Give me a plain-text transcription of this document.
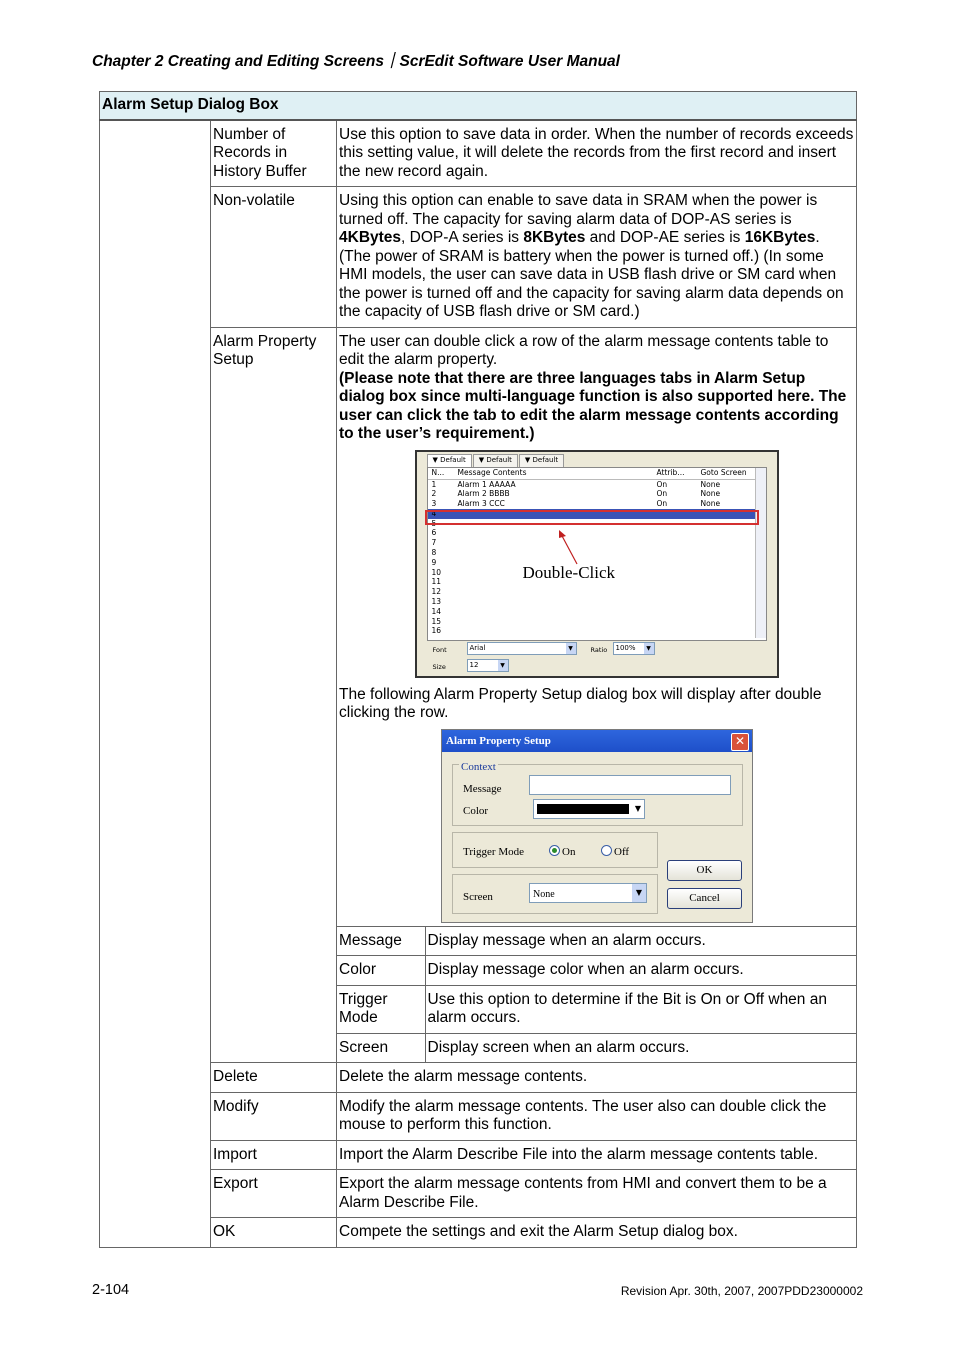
Chapter 2 Creating and Editing Screens｜ScrEdit Software User Manual
Alarm Setup Dialog Box
	Number of Records in History Buffer	Use this option to save data in order. When the number of records exceeds this setting value, it will delete the records from the first record and insert the new record again.
Non-volatile	Using this option can enable to save data in SRAM when the power is turned off. The capacity for saving alarm data of DOP-AS series is 4KBytes, DOP-A series is 8KBytes and DOP-AE series is 16KBytes. (The power of SRAM is battery when the power is turned off.) (In some HMI models, the user can save data in USB flash drive or SM card when the power is turned off and the capacity for saving alarm data depends on the capacity of USB flash drive or SM card.)
Alarm Property Setup	

The user can double click a row of the alarm message contents table to edit the alarm property.

(Please note that there are three languages tabs in Alarm Setup dialog box since multi-language function is also supported here. The user can click the tab to edit the alarm message contents according to the user’s requirement.)

▼ Default	▼ Default	▼ Default
N...	Message Contents	Attrib...	Goto Screen
1	Alarm 1 AAAAA	On	None
2	Alarm 2 BBBB	On	None
3	Alarm 3 CCC	On	None
4
5
6
7
8
9
10
11
12
13
14
15
16
Double-Click
Font	Arial	▼	Ratio	100%	▼
Size	12	▼

The following Alarm Property Setup dialog box will display after double clicking the row.

Alarm Property Setup	✕
Context
Message
Color	▼
Trigger Mode	On	Off
Screen	None	▼
OK
Cancel
Message	Display message when an alarm occurs.
Color	Display message color when an alarm occurs.
Trigger Mode	Use this option to determine if the Bit is On or Off when an alarm occurs.
Screen	Display screen when an alarm occurs.

Delete	Delete the alarm message contents.
Modify	Modify the alarm message contents. The user also can double click the mouse to perform this function.
Import	Import the Alarm Describe File into the alarm message contents table.
Export	Export the alarm message contents from HMI and convert them to be a Alarm Describe File.
OK	Compete the settings and exit the Alarm Setup dialog box.
2-104	Revision Apr. 30th, 2007, 2007PDD23000002
